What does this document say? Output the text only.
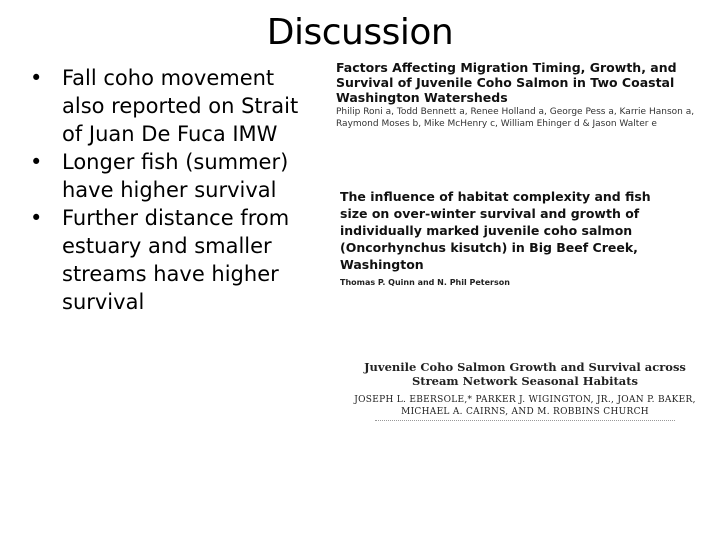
Discussion
• Fall coho movement also reported on Strait of Juan De Fuca IMW
• Longer fish (summer) have higher survival
• Further distance from estuary and smaller streams have higher survival
Factors Affecting Migration Timing, Growth, and Survival of Juvenile Coho Salmon in Two Coastal Washington Watersheds
Philip Roni a, Todd Bennett a, Renee Holland a, George Pess a, Karrie Hanson a, Raymond Moses b, Mike McHenry c, William Ehinger d & Jason Walter e
The influence of habitat complexity and fish size on over-winter survival and growth of individually marked juvenile coho salmon (Oncorhynchus kisutch) in Big Beef Creek, Washington
Thomas P. Quinn and N. Phil Peterson
Juvenile Coho Salmon Growth and Survival across Stream Network Seasonal Habitats
JOSEPH L. EBERSOLE,* PARKER J. WIGINGTON, JR., JOAN P. BAKER, MICHAEL A. CAIRNS, AND M. ROBBINS CHURCH
